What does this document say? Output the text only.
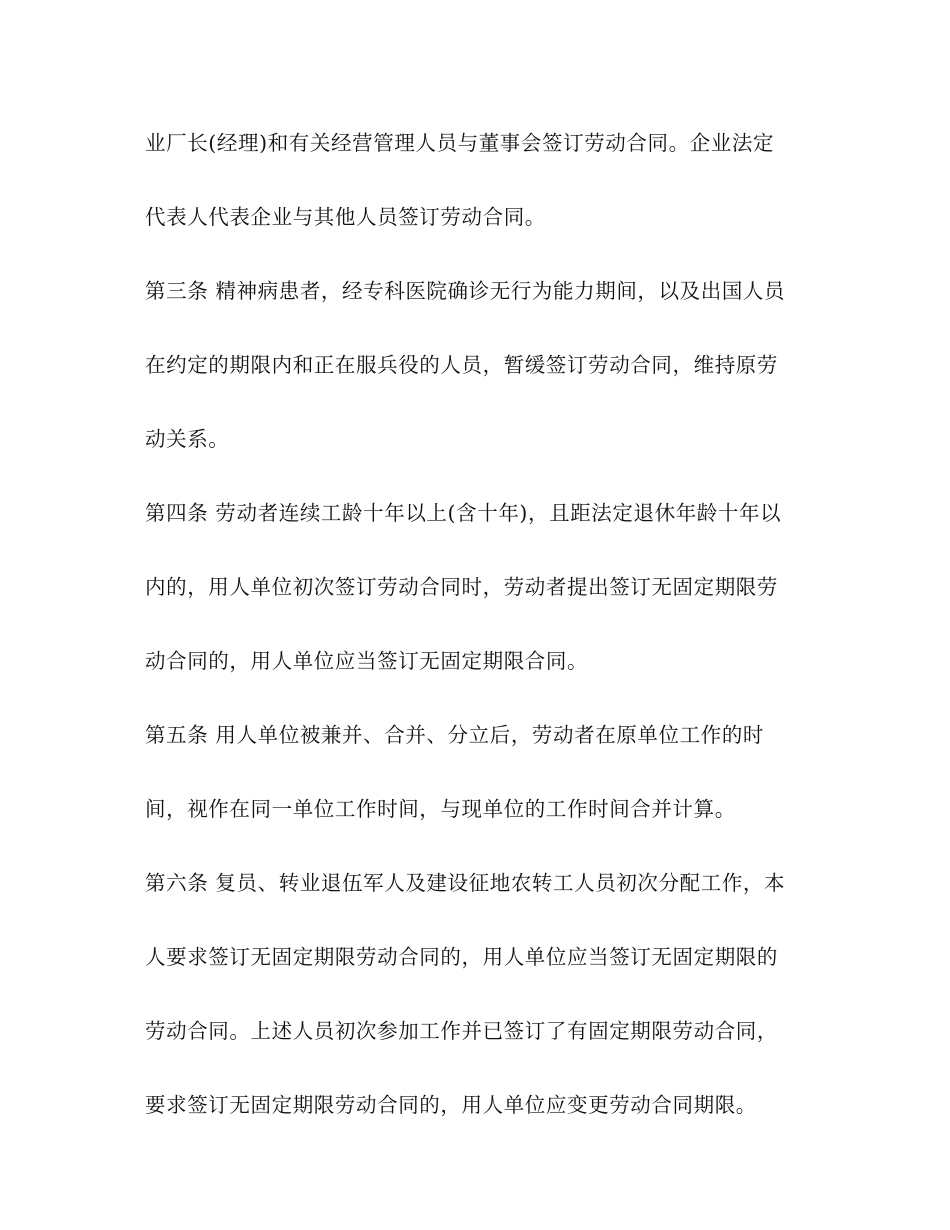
业厂长(经理)和有关经营管理人员与董事会签订劳动合同。企业法定

代表人代表企业与其他人员签订劳动合同。

第三条 精神病患者，经专科医院确诊无行为能力期间，以及出国人员

在约定的期限内和正在服兵役的人员，暂缓签订劳动合同，维持原劳

动关系。

第四条 劳动者连续工龄十年以上(含十年)，且距法定退休年龄十年以

内的，用人单位初次签订劳动合同时，劳动者提出签订无固定期限劳

动合同的，用人单位应当签订无固定期限合同。

第五条 用人单位被兼并、合并、分立后，劳动者在原单位工作的时

间，视作在同一单位工作时间，与现单位的工作时间合并计算。

第六条 复员、转业退伍军人及建设征地农转工人员初次分配工作，本

人要求签订无固定期限劳动合同的，用人单位应当签订无固定期限的

劳动合同。上述人员初次参加工作并已签订了有固定期限劳动合同，

要求签订无固定期限劳动合同的，用人单位应变更劳动合同期限。
